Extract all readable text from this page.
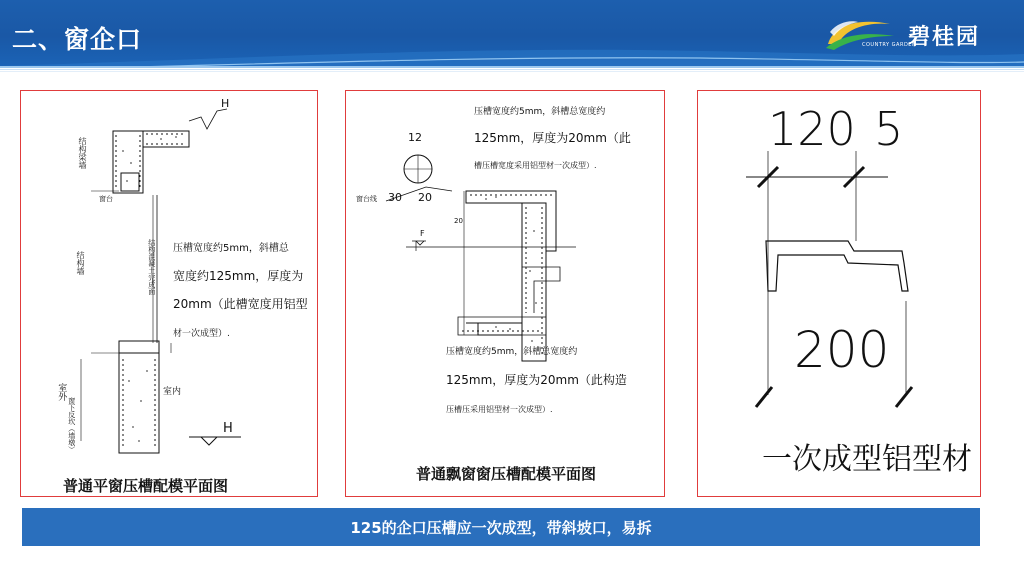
二、窗企口	COUNTRY GARDEN
碧桂园
H
结构梁墙
结构墙	结构混凝土完成面
窗台
压槽宽度约5mm，斜槽总
宽度约125mm，厚度为
20mm（此槽宽度用铝型
材一次成型）.
室外
窗下反坎（墙墩）
室内
H
普通平窗压槽配模平面图
压槽宽度约5mm，斜槽总宽度约
125mm，厚度为20mm（此
槽压槽宽度采用铝型材一次成型）.
12
30 20
窗台线
20
F
压槽宽度约5mm，斜槽总宽度约
125mm，厚度为20mm（此构造
压槽压采用铝型材一次成型）.
普通飘窗窗压槽配模平面图
120 5
200
一次成型铝型材
125的企口压槽应一次成型，带斜坡口，易拆
